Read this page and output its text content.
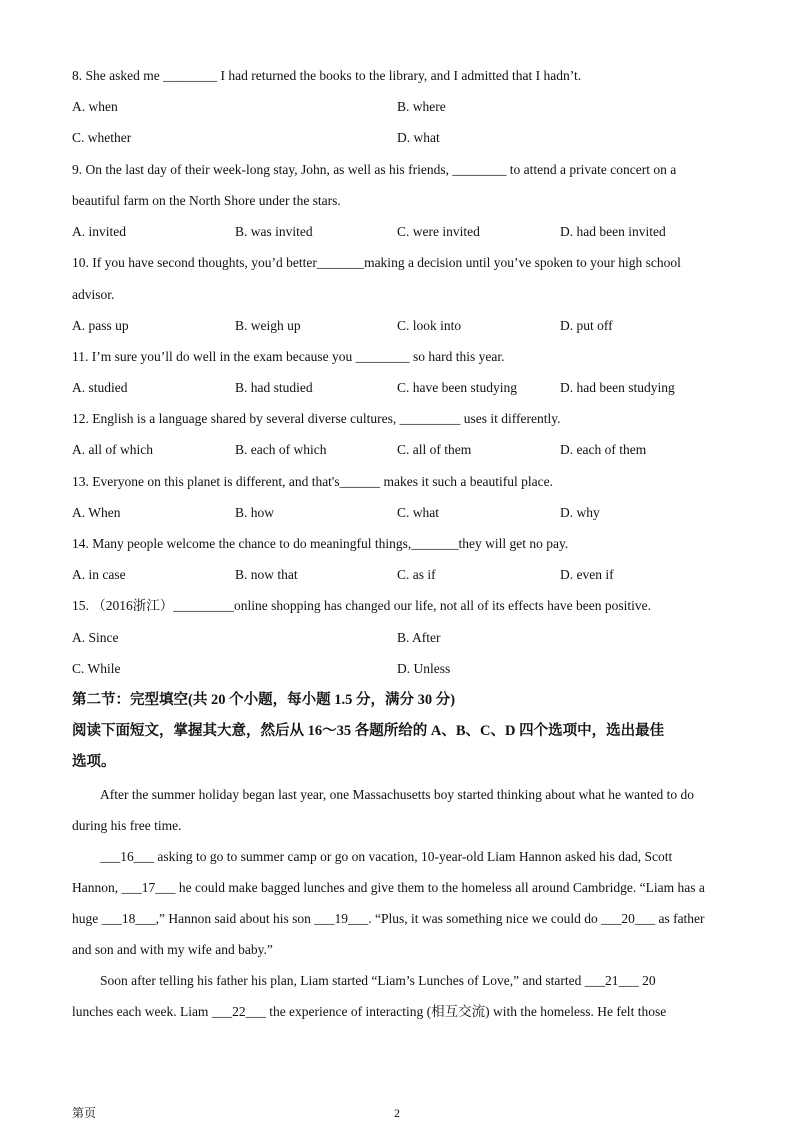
8. She asked me ________ I had returned the books to the library, and I admitted that I hadn’t.
A. when	B. where
C. whether	D. what
9. On the last day of their week-long stay, John, as well as his friends, ________ to attend a private concert on a
beautiful farm on the North Shore under the stars.
A. invited	B. was invited	C. were invited	D. had been invited
10. If you have second thoughts, you’d better_______making a decision until you’ve spoken to your high school
advisor.
A. pass up	B. weigh up	C. look into	D. put off
11. I’m sure you’ll do well in the exam because you ________ so hard this year.
A. studied	B. had studied	C. have been studying	D. had been studying
12. English is a language shared by several diverse cultures, _________ uses it differently.
A. all of which	B. each of which	C. all of them	D. each of them
13. Everyone on this planet is different, and that's______ makes it such a beautiful place.
A. When	B. how	C. what	D. why
14. Many people welcome the chance to do meaningful things,_______they will get no pay.
A. in case	B. now that	C. as if	D. even if
15. （2016浙江）_________online shopping has changed our life, not all of its effects have been positive.
A. Since	B. After
C. While	D. Unless
第二节：完型填空(共 20 个小题，每小题 1.5 分，满分 30 分)
阅读下面短文，掌握其大意，然后从 16～35 各题所给的 A、B、C、D 四个选项中，选出最佳
选项。
After the summer holiday began last year, one Massachusetts boy started thinking about what he wanted to do
during his free time.
___16___ asking to go to summer camp or go on vacation, 10-year-old Liam Hannon asked his dad, Scott
Hannon, ___17___ he could make bagged lunches and give them to the homeless all around Cambridge. “Liam has a
huge ___18___,” Hannon said about his son ___19___. “Plus, it was something nice we could do ___20___ as father
and son and with my wife and baby.”
Soon after telling his father his plan, Liam started “Liam’s Lunches of Love,” and started ___21___ 20
lunches each week. Liam ___22___ the experience of interacting (相互交流) with the homeless. He felt those
第页	2
